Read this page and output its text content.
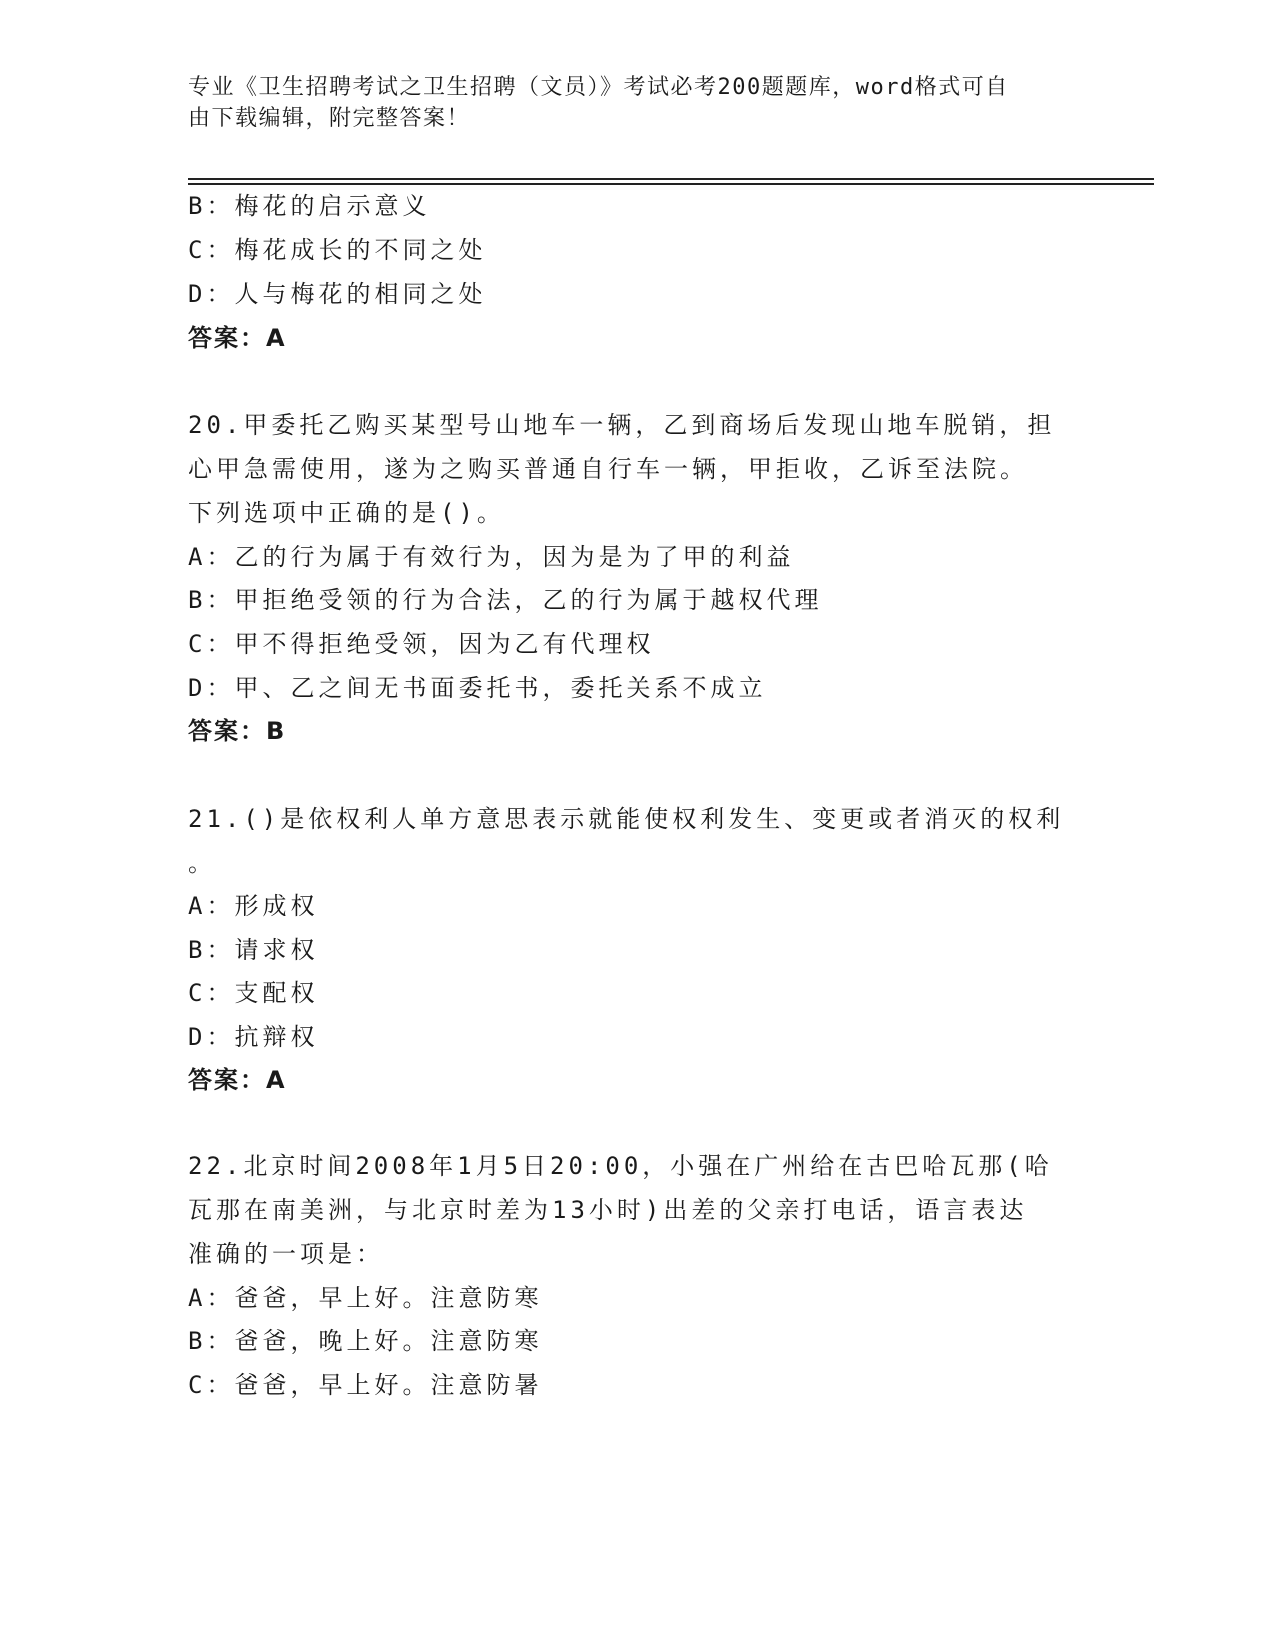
专业《卫生招聘考试之卫生招聘（文员）》考试必考200题题库，word格式可自
由下载编辑，附完整答案！
B：梅花的启示意义
C：梅花成长的不同之处
D：人与梅花的相同之处
答案：A
20.甲委托乙购买某型号山地车一辆，乙到商场后发现山地车脱销，担
心甲急需使用，遂为之购买普通自行车一辆，甲拒收，乙诉至法院。
下列选项中正确的是()。
A：乙的行为属于有效行为，因为是为了甲的利益
B：甲拒绝受领的行为合法，乙的行为属于越权代理
C：甲不得拒绝受领，因为乙有代理权
D：甲、乙之间无书面委托书，委托关系不成立
答案：B
21.()是依权利人单方意思表示就能使权利发生、变更或者消灭的权利
。
A：形成权
B：请求权
C：支配权
D：抗辩权
答案：A
22.北京时间2008年1月5日20:00，小强在广州给在古巴哈瓦那(哈
瓦那在南美洲，与北京时差为13小时)出差的父亲打电话，语言表达
准确的一项是：
A：爸爸，早上好。注意防寒
B：爸爸，晚上好。注意防寒
C：爸爸，早上好。注意防暑
